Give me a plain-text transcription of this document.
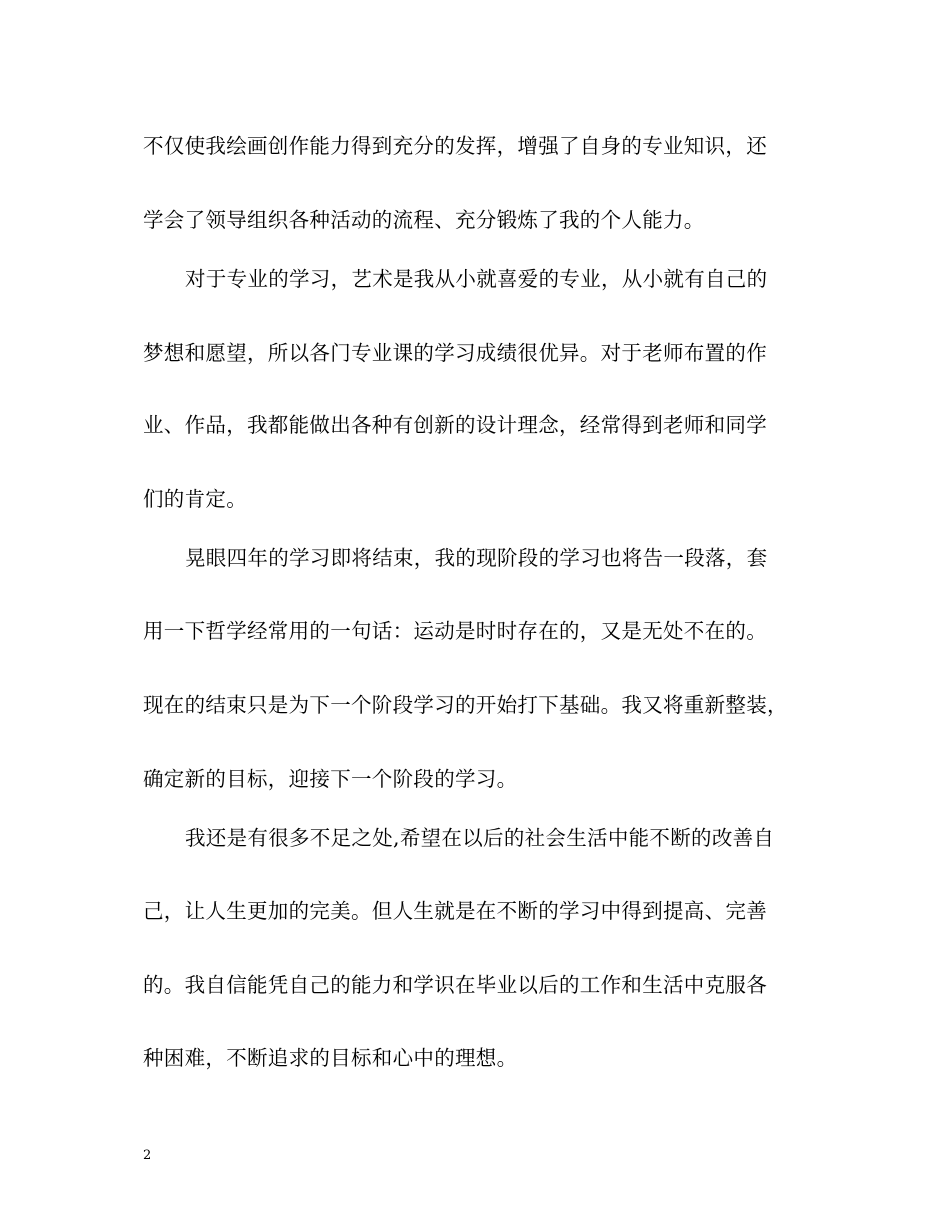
不仅使我绘画创作能力得到充分的发挥，增强了自身的专业知识，还
学会了领导组织各种活动的流程、充分锻炼了我的个人能力。
对于专业的学习，艺术是我从小就喜爱的专业，从小就有自己的
梦想和愿望，所以各门专业课的学习成绩很优异。对于老师布置的作
业、作品，我都能做出各种有创新的设计理念，经常得到老师和同学
们的肯定。
晃眼四年的学习即将结束，我的现阶段的学习也将告一段落，套
用一下哲学经常用的一句话：运动是时时存在的，又是无处不在的。
现在的结束只是为下一个阶段学习的开始打下基础。我又将重新整装，
确定新的目标，迎接下一个阶段的学习。
我还是有很多不足之处,希望在以后的社会生活中能不断的改善自
己，让人生更加的完美。但人生就是在不断的学习中得到提高、完善
的。我自信能凭自己的能力和学识在毕业以后的工作和生活中克服各
种困难，不断追求的目标和心中的理想。
2
